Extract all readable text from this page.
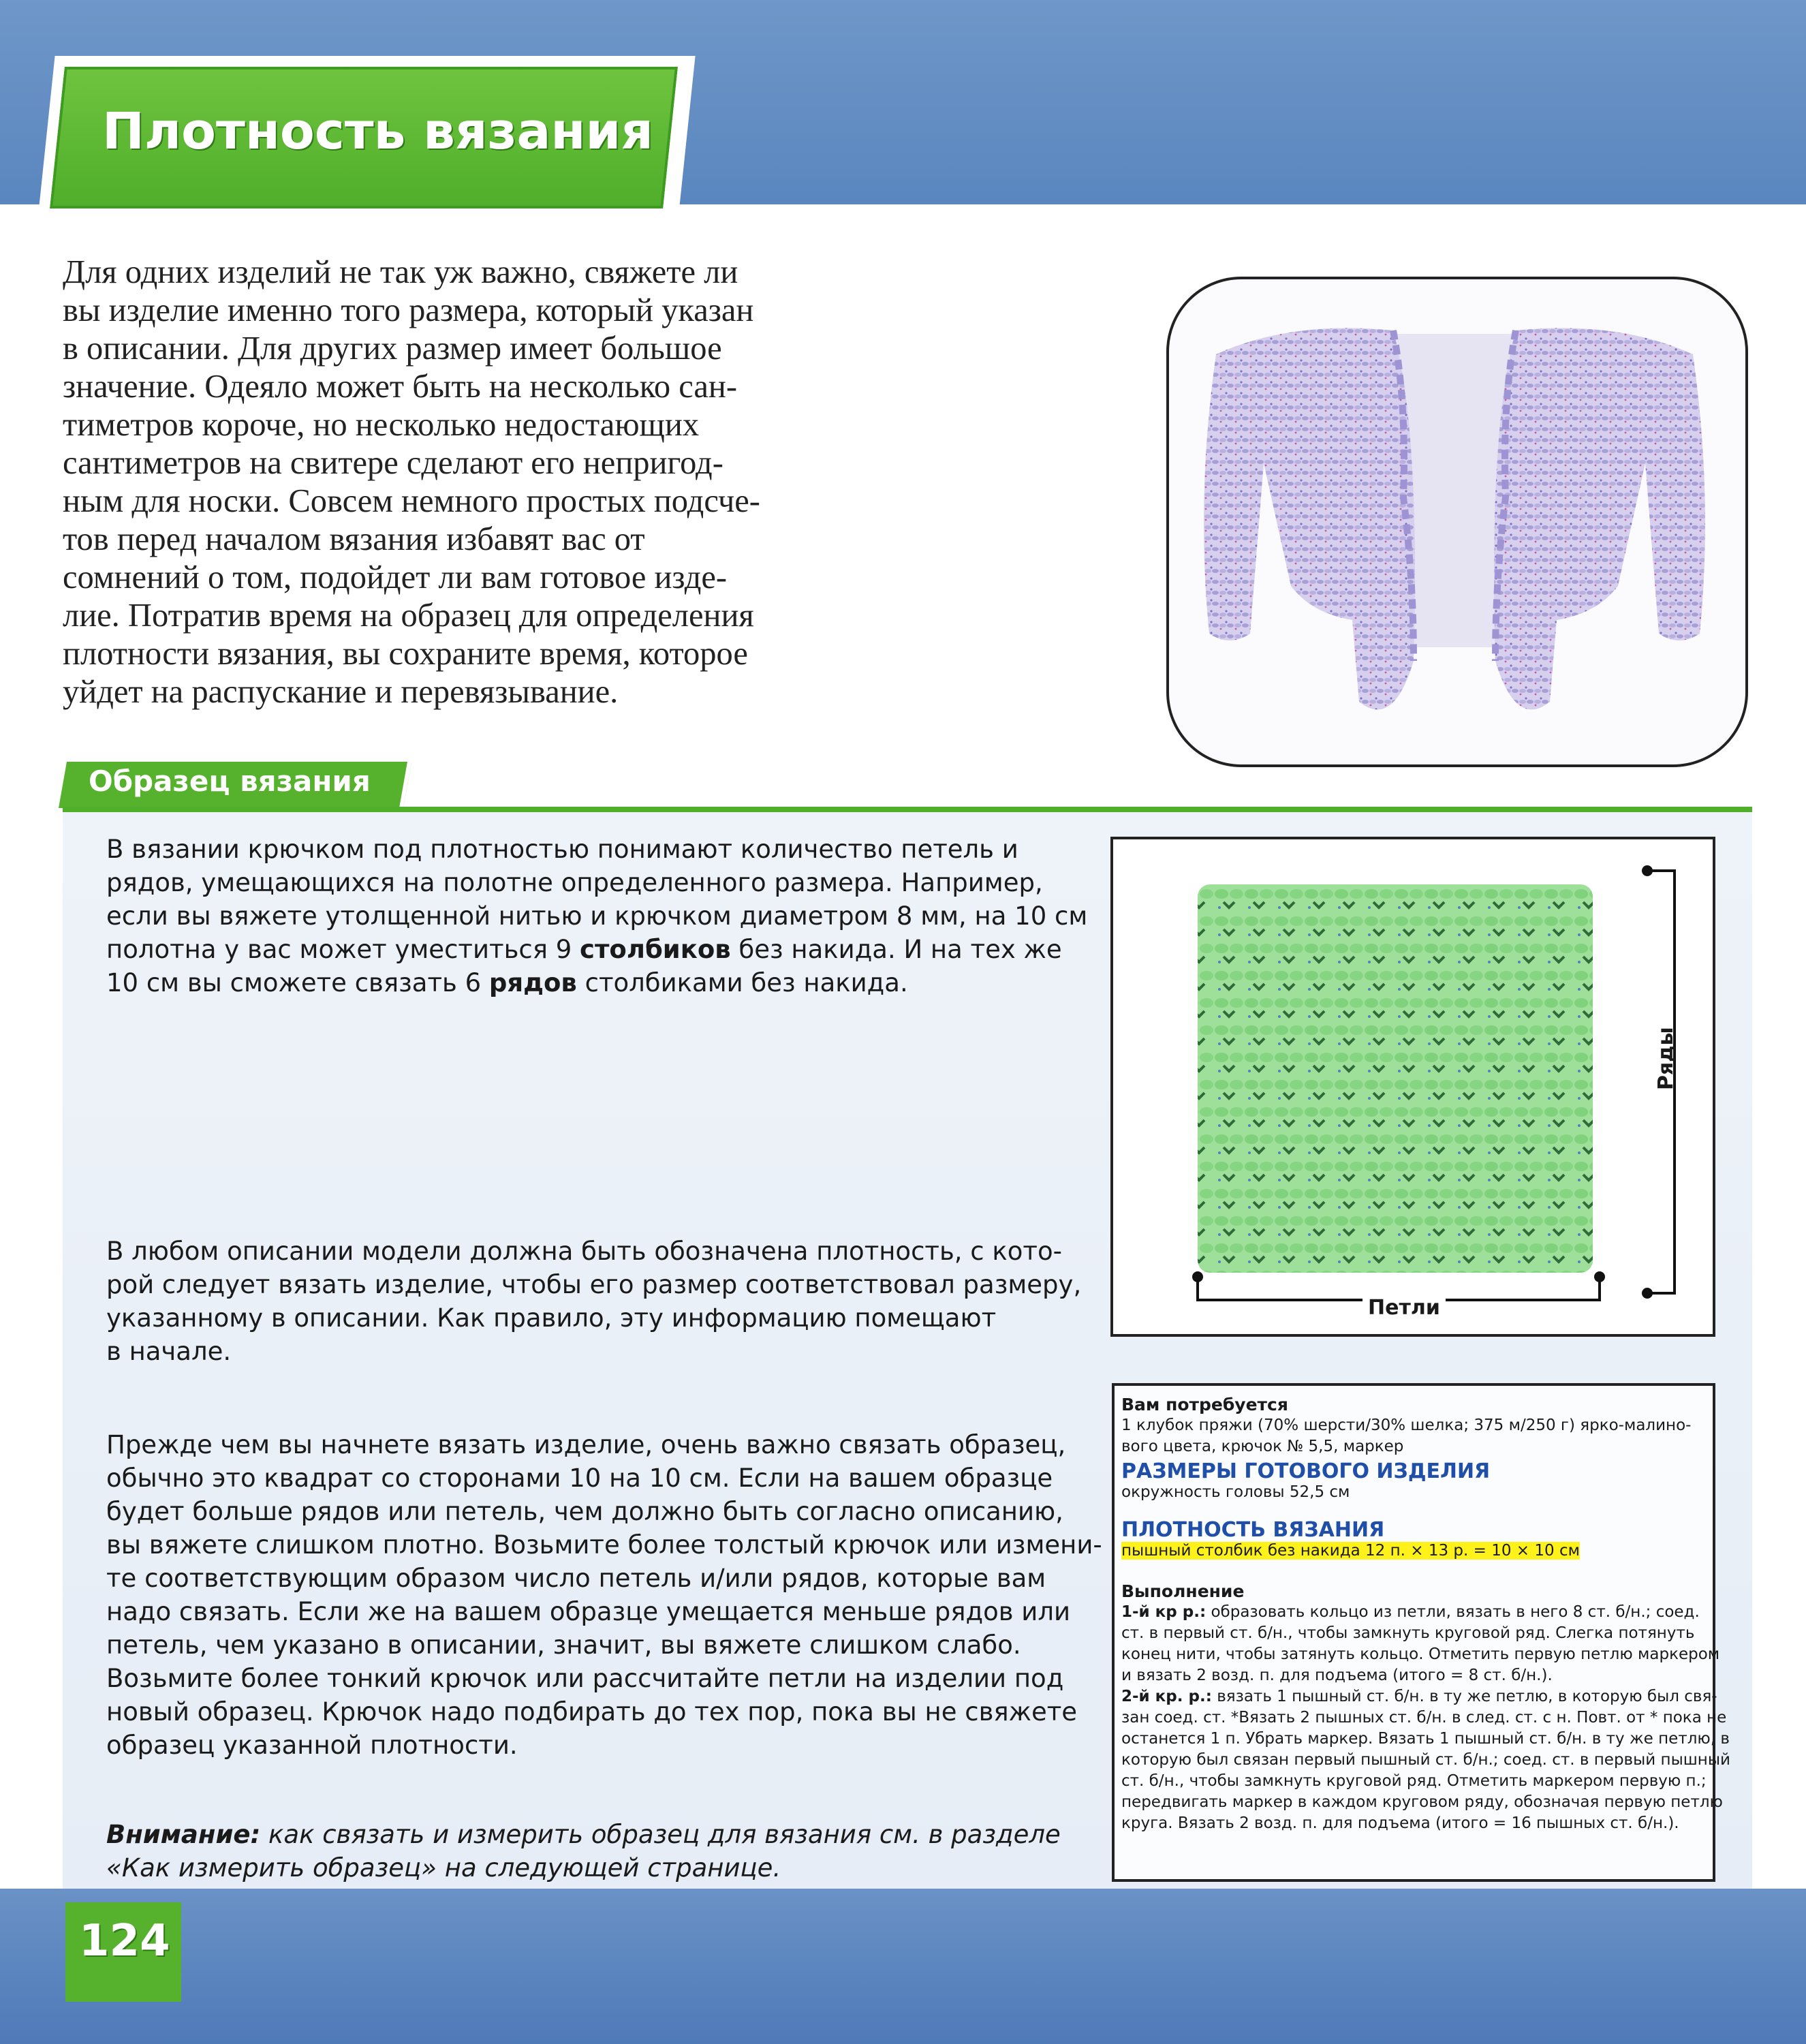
Плотность вязания
Для одних изделий не так уж важно, свяжете ли
вы изделие именно того размера, который указан
в описании. Для других размер имеет большое
значение. Одеяло может быть на несколько сан-
тиметров короче, но несколько недостающих
сантиметров на свитере сделают его непригод-
ным для носки. Совсем немного простых подсче-
тов перед началом вязания избавят вас от
сомнений о том, подойдет ли вам готовое изде-
лие. Потратив время на образец для определения
плотности вязания, вы сохраните время, которое
уйдет на распускание и перевязывание.
Образец вязания
В вязании крючком под плотностью понимают количество петель и
рядов, умещающихся на полотне определенного размера. Например,
если вы вяжете утолщенной нитью и крючком диаметром 8 мм, на 10 см
полотна у вас может уместиться 9 столбиков без накида. И на тех же
10 см вы сможете связать 6 рядов столбиками без накида.
В любом описании модели должна быть обозначена плотность, с кото-
рой следует вязать изделие, чтобы его размер соответствовал размеру,
указанному в описании. Как правило, эту информацию помещают
в начале.
Прежде чем вы начнете вязать изделие, очень важно связать образец,
обычно это квадрат со сторонами 10 на 10 см. Если на вашем образце
будет больше рядов или петель, чем должно быть согласно описанию,
вы вяжете слишком плотно. Возьмите более толстый крючок или измени-
те соответствующим образом число петель и/или рядов, которые вам
надо связать. Если же на вашем образце умещается меньше рядов или
петель, чем указано в описании, значит, вы вяжете слишком слабо.
Возьмите более тонкий крючок или рассчитайте петли на изделии под
новый образец. Крючок надо подбирать до тех пор, пока вы не свяжете
образец указанной плотности.
Внимание: как связать и измерить образец для вязания см. в разделе
«Как измерить образец» на следующей странице.
Ряды
Петли
Вам потребуется
1 клубок пряжи (70% шерсти/30% шелка; 375 м/250 г) ярко-малино-
вого цвета, крючок № 5,5, маркер
РАЗМЕРЫ ГОТОВОГО ИЗДЕЛИЯ
окружность головы 52,5 см
ПЛОТНОСТЬ ВЯЗАНИЯ
пышный столбик без накида 12 п. × 13 р. = 10 × 10 см
Выполнение
1-й кр р.: образовать кольцо из петли, вязать в него 8 ст. б/н.; соед.
ст. в первый ст. б/н., чтобы замкнуть круговой ряд. Слегка потянуть
конец нити, чтобы затянуть кольцо. Отметить первую петлю маркером
и вязать 2 возд. п. для подъема (итого = 8 ст. б/н.).
2-й кр. р.: вязать 1 пышный ст. б/н. в ту же петлю, в которую был свя-
зан соед. ст. *Вязать 2 пышных ст. б/н. в след. ст. с н. Повт. от * пока не
останется 1 п. Убрать маркер. Вязать 1 пышный ст. б/н. в ту же петлю, в
которую был связан первый пышный ст. б/н.; соед. ст. в первый пышный
ст. б/н., чтобы замкнуть круговой ряд. Отметить маркером первую п.;
передвигать маркер в каждом круговом ряду, обозначая первую петлю
круга. Вязать 2 возд. п. для подъема (итого = 16 пышных ст. б/н.).
124
